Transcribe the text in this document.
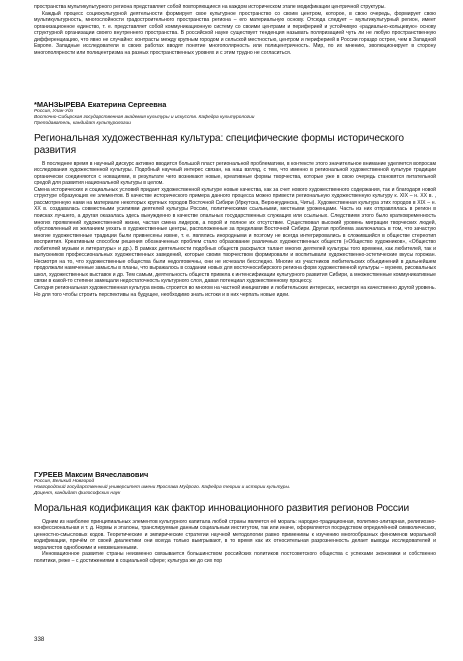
пространства мультикультурного региона представляет собой повторяющиеся на каждом историческом этапе модификации центричной структуры.

Каждый процесс социокультурной деятельности формирует свое культурное пространство со своим центром, которое, в свою очередь, формирует свою мультикультурность, многослойности градостроительного пространства региона – его материальную основу. Отсюда следует – мультикультурный регион, имеет организационное единство, т. е. представляет собой коммуникационную систему со своими центрами и периферией и устойчивую «радиально-кольцевую» основу структурной организации своего внутреннего пространства. В российской науке существует тенденция называть поляризацией чуть ли не любую пространственную дифференциацию, что явно не случайно: контрасты между крупным городом и сельской местностью, центром и периферией в России гораздо острее, чем в Западной Европе. Западные исследователи в своих работах вводят понятие многополярность или полицентричность. Мир, по их мнению, эволюционирует в сторону многополярности или полицентризма на разных пространственных уровнях и с этим трудно не согласиться.

*МАНЗЫРЕВА Екатерина Сергеевна
Россия, Улан-Удэ
Восточно-Сибирская государственная академия культуры и искусств. Кафедра культурологии
Преподаватель, кандидат культурологии
Региональная художественная культура: специфические формы исторического развития

В последнее время в научный дискурс активно вводится большой пласт региональной проблематики, в контексте этого значительное внимание уделяется вопросам исследования художественной культуры. Подобный научный интерес связан, на наш взгляд, с тем, что именно в региональной художественной культуре традиции органически соединяются с новациями, в результате чего возникают новые, креативные формы творчества, которые уже в свою очередь становятся питательной средой для развития национальной культуры в целом.

Смена исторических и социальных условий придает художественной культуре новые качества, как за счет нового художественного содержания, так и благодаря новой структуре образующих ее элементов. В качестве исторического примера данного процесса можно привести региональную художественную культуру к. XIX – н. XX в. , рассмотренную нами на материале некоторых крупных городов Восточной Сибири (Иркутска, Верхнеудинска, Читы). Художественная культура этих городов в XIX – н. XX в. создавалась совместными усилиями деятелей культуры России, политическими ссыльными, местными уроженцами. Часть из них отправлялась в регион в поисках лучшего, а другая оказалась здесь вынужденно в качестве опальных государственных служащих или ссыльных. Следствием этого было кратковременность многих проявлений художественной жизни, частая смена лидеров, а порой и полное их отсутствие. Существовал высокий уровень миграции творческих людей, обусловленный их желанием уехать в художественные центры, расположенные за пределами Восточной Сибири. Другая проблема заключалась в том, что зачастую многие художественные традиции были привнесены извне, т. е. являлись инородными и поэтому не всегда интегрировались в сложившийся в обществе стереотип восприятия. Креативным способом решения обозначенных проблем стало образование различных художественных обществ («Общество художников», «Общество любителей музыки и литературы» и др.). В рамках деятельности подобных обществ раскрылся талант многих деятелей культуры того времени, как любителей, так и выпускников профессиональных художественных заведений, которые своим творчеством формировали и воспитывали художественно-эстетические вкусы горожан. Несмотря на то, что художественные общества были недолговечны, они не исчезали бесследно. Многие из участников любительских объединений в дальнейшем продолжали намеченные замыслы в планы, что выражалось в создании новых для восточносибирского региона форм художественной культуры – музеев, рисовальных школ, художественных выставок и др. Тем самым, деятельность обществ привела к интенсификации культурного развития Сибири, а множественные коммуникативные связи в какой-то степени замещали недостаточность культурного слоя, давая потенциал художественному процессу.

Сегодня региональная художественная культура вновь строится во многом на частной инициативе и любительских интересах, несмотря на качественно другой уровень. Но для того чтобы строить перспективы на будущее, необходимо знать истоки и в них черпать новые идеи.

ГУРЕЕВ Максим Вячеславович
Россия, Великий Новгород
Новгородский государственный университет имени Ярослава Мудрого. Кафедра теории и истории культуры.
Доцент, кандидат философских наук
Моральная кодификация как фактор инновационного развития регионов России

Одним из наиболее принципиальных элементов культурного капитала любой страны является её мораль: народно-традиционная, политико-элитарная, религиозно-конфессиональная и т. д. Нормы и эталоны, транслируемые данным социальным институтом, так или иначе, оформляются посредством определённой символических, ценностно-смысловых кодов. Теоретические и эмпирические стратегии научной методологии равно применимы к изучению многообразных феноменов моральной кодификации, причём от своей диалектики они всегда только выигрывают, в то время как их относительная разрозненность делает выводы исследователей и моралистов однобокими и невзвешенными.

Инновационное развитие страны неизменно связывается большинством российских политиков постсоветского общества с успехами экономики и собственно политики, реже – с достижениями в социальной сфере; культура же до сих пор

338
